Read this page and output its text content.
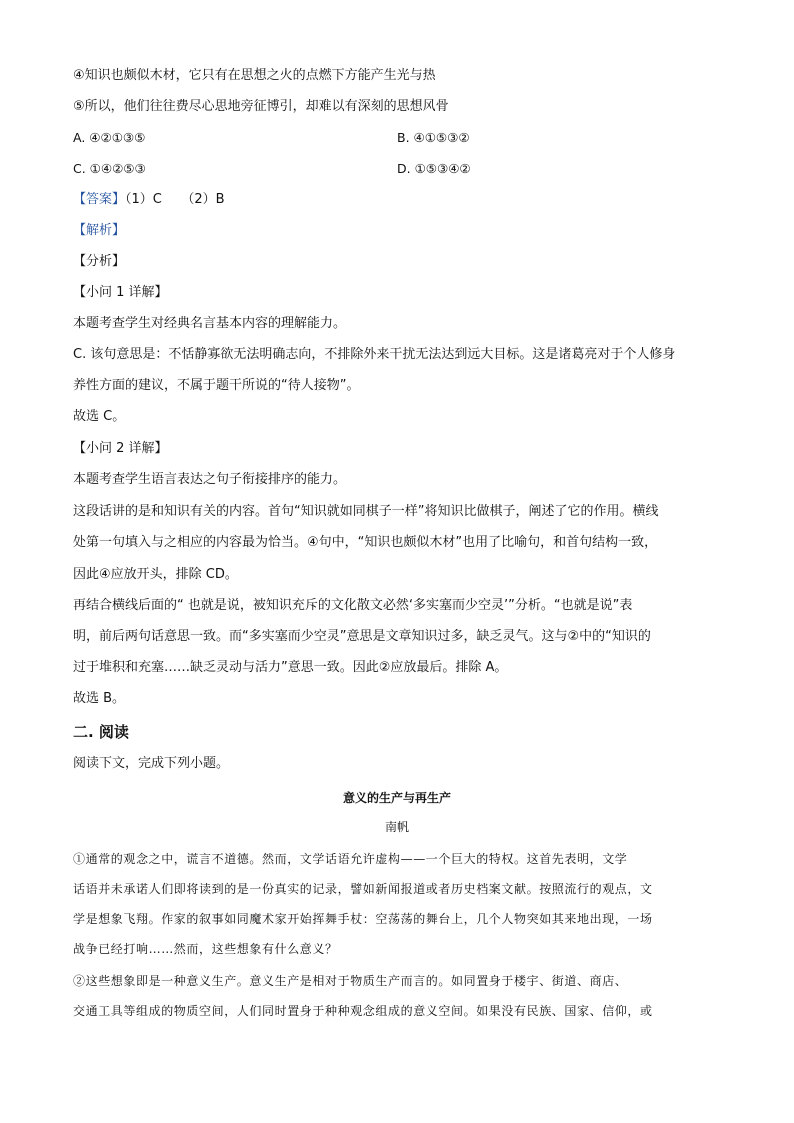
④知识也颇似木材，它只有在思想之火的点燃下方能产生光与热
⑤所以，他们往往费尽心思地旁征博引，却难以有深刻的思想风骨
A. ④②①③⑤	B. ④①⑤③②
C. ①④②⑤③	D. ①⑤③④②
【答案】（1）C　　（2）B
【解析】
【分析】
【小问 1 详解】
本题考查学生对经典名言基本内容的理解能力。
C. 该句意思是：不恬静寡欲无法明确志向，不排除外来干扰无法达到远大目标。这是诸葛亮对于个人修身
养性方面的建议，不属于题干所说的“待人接物”。
故选 C。
【小问 2 详解】
本题考查学生语言表达之句子衔接排序的能力。
这段话讲的是和知识有关的内容。首句“知识就如同棋子一样”将知识比做棋子，阐述了它的作用。横线
处第一句填入与之相应的内容最为恰当。④句中，“知识也颇似木材”也用了比喻句，和首句结构一致，
因此④应放开头，排除 CD。
再结合横线后面的“ 也就是说，被知识充斥的文化散文必然‘多实塞而少空灵’”分析。“也就是说”表
明，前后两句话意思一致。而“多实塞而少空灵”意思是文章知识过多，缺乏灵气。这与②中的“知识的
过于堆积和充塞……缺乏灵动与活力”意思一致。因此②应放最后。排除 A。
故选 B。
二. 阅读
阅读下文，完成下列小题。
意义的生产与再生产
南帆
①通常的观念之中，谎言不道德。然而，文学话语允许虚构——一个巨大的特权。这首先表明，文学
话语并未承诺人们即将读到的是一份真实的记录，譬如新闻报道或者历史档案文献。按照流行的观点，文
学是想象飞翔。作家的叙事如同魔术家开始挥舞手杖：空荡荡的舞台上，几个人物突如其来地出现，一场
战争已经打响……然而，这些想象有什么意义？
②这些想象即是一种意义生产。意义生产是相对于物质生产而言的。如同置身于楼宇、街道、商店、
交通工具等组成的物质空间，人们同时置身于种种观念组成的意义空间。如果没有民族、国家、信仰，或
